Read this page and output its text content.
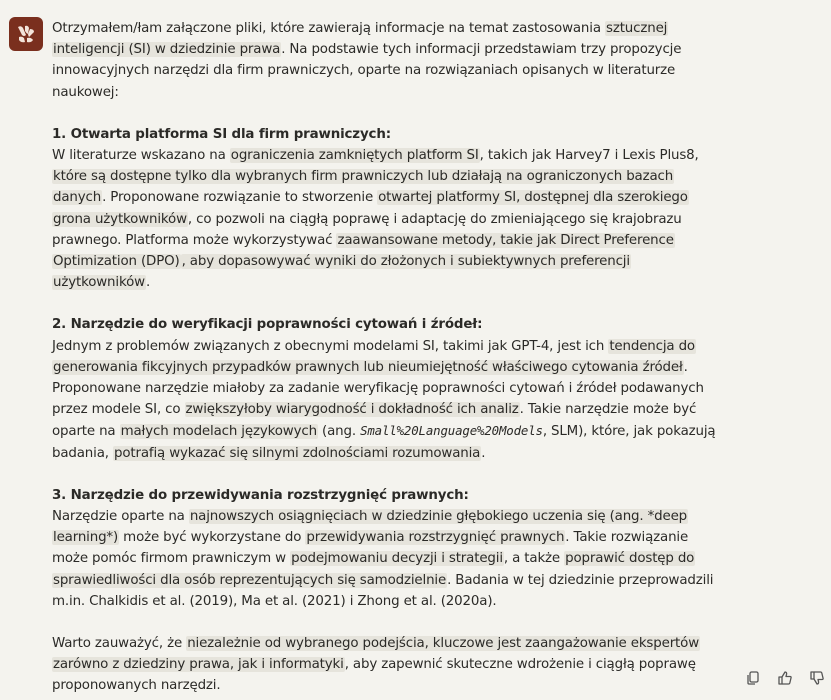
Otrzymałem/łam załączone pliki, które zawierają informacje na temat zastosowania sztucznej inteligencji (SI) w dziedzinie prawa. Na podstawie tych informacji przedstawiam trzy propozycje innowacyjnych narzędzi dla firm prawniczych, oparte na rozwiązaniach opisanych w literaturze naukowej:

1. Otwarta platforma SI dla firm prawniczych:
W literaturze wskazano na ograniczenia zamkniętych platform SI, takich jak Harvey7 i Lexis Plus8, które są dostępne tylko dla wybranych firm prawniczych lub działają na ograniczonych bazach danych. Proponowane rozwiązanie to stworzenie otwartej platformy SI, dostępnej dla szerokiego grona użytkowników, co pozwoli na ciągłą poprawę i adaptację do zmieniającego się krajobrazu prawnego. Platforma może wykorzystywać zaawansowane metody, takie jak Direct Preference Optimization (DPO) , aby dopasowywać wyniki do złożonych i subiektywnych preferencji użytkowników.

2. Narzędzie do weryfikacji poprawności cytowań i źródeł:
Jednym z problemów związanych z obecnymi modelami SI, takimi jak GPT-4, jest ich tendencja do generowania fikcyjnych przypadków prawnych lub nieumiejętność właściwego cytowania źródeł. Proponowane narzędzie miałoby za zadanie weryfikację poprawności cytowań i źródeł podawanych przez modele SI, co zwiększyłoby wiarygodność i dokładność ich analiz. Takie narzędzie może być oparte na małych modelach językowych (ang. Small%20Language%20Models, SLM), które, jak pokazują badania, potrafią wykazać się silnymi zdolnościami rozumowania.

3. Narzędzie do przewidywania rozstrzygnięć prawnych:
Narzędzie oparte na najnowszych osiągnięciach w dziedzinie głębokiego uczenia się (ang. *deep learning*) może być wykorzystane do przewidywania rozstrzygnięć prawnych. Takie rozwiązanie może pomóc firmom prawniczym w podejmowaniu decyzji i strategii, a także poprawić dostęp do sprawiedliwości dla osób reprezentujących się samodzielnie. Badania w tej dziedzinie przeprowadzili m.in. Chalkidis et al. (2019), Ma et al. (2021) i Zhong et al. (2020a).

Warto zauważyć, że niezależnie od wybranego podejścia, kluczowe jest zaangażowanie ekspertów zarówno z dziedziny prawa, jak i informatyki, aby zapewnić skuteczne wdrożenie i ciągłą poprawę proponowanych narzędzi.
